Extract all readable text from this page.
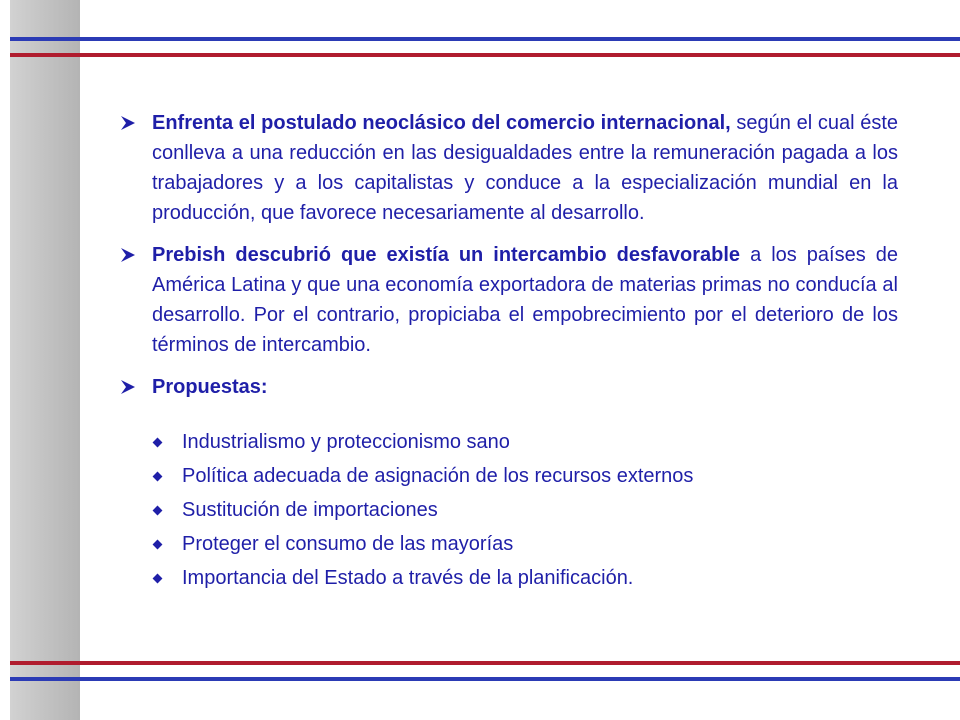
Enfrenta el postulado neoclásico del comercio internacional, según el cual éste conlleva a una reducción en las desigualdades entre la remuneración pagada a los trabajadores y a los capitalistas y conduce a la especialización mundial en la producción, que favorece necesariamente al desarrollo.
Prebish descubrió que existía un intercambio desfavorable a los países de América Latina y que una economía exportadora de materias primas no conducía al desarrollo. Por el contrario, propiciaba el empobrecimiento por el deterioro de los términos de intercambio.
Propuestas:
Industrialismo y proteccionismo sano
Política adecuada de asignación de los recursos externos
Sustitución de importaciones
Proteger el consumo de las mayorías
Importancia del Estado a través de la planificación.
